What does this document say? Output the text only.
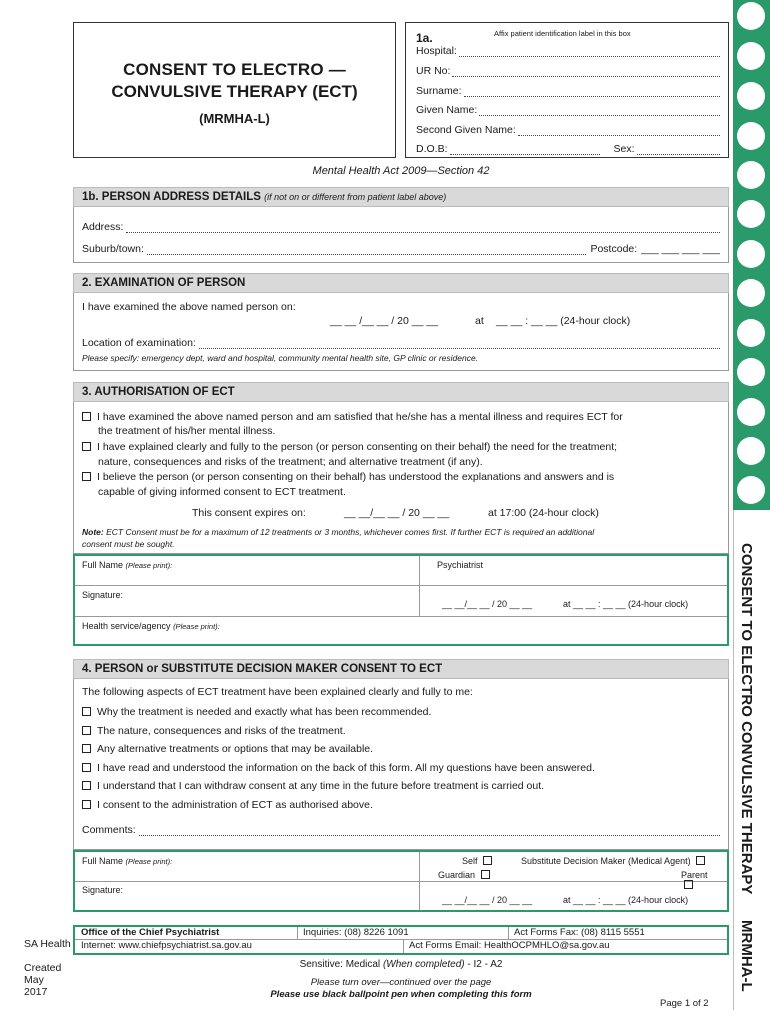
CONSENT TO ELECTRO CONVULSIVE THERAPY
MRMHA-L
CONSENT TO ELECTRO —
CONVULSIVE THERAPY (ECT)
(MRMHA-L)
1a.	Affix patient identification label in this box
Hospital:
UR No:
Surname:
Given Name:
Second Given Name:
D.O.B:	Sex:
Mental Health Act 2009—Section 42
1b. PERSON ADDRESS DETAILS (if not on or different from patient label above)
Address:
Suburb/town:	Postcode: ___ ___ ___ ___
2. EXAMINATION OF PERSON
I have examined the above named person on:
__ __ /__ __ / 20 __ __	at __ __ : __ __ (24-hour clock)
Location of examination:
Please specify: emergency dept, ward and hospital, community mental health site, GP clinic or residence.
3. AUTHORISATION OF ECT
I have examined the above named person and am satisfied that he/she has a mental illness and requires ECT for
the treatment of his/her mental illness.
I have explained clearly and fully to the person (or person consenting on their behalf) the need for the treatment;
nature, consequences and risks of the treatment; and alternative treatment (if any).
I believe the person (or person consenting on their behalf) has understood the explanations and answers and is
capable of giving informed consent to ECT treatment.
This consent expires on:	__ __/__ __ / 20 __ __	at 17:00 (24-hour clock)
Note: ECT Consent must be for a maximum of 12 treatments or 3 months, whichever comes first. If further ECT is required an additional
consent must be sought.
Full Name (Please print):	Psychiatrist
Signature:
__ __/__ __ / 20 __ __	at __ __ : __ __ (24-hour clock)
Health service/agency (Please print):
4. PERSON or SUBSTITUTE DECISION MAKER CONSENT TO ECT
The following aspects of ECT treatment have been explained clearly and fully to me:
Why the treatment is needed and exactly what has been recommended.
The nature, consequences and risks of the treatment.
Any alternative treatments or options that may be available.
I have read and understood the information on the back of this form. All my questions have been answered.
I understand that I can withdraw consent at any time in the future before treatment is carried out.
I consent to the administration of ECT as authorised above.
Comments:
Full Name (Please print):	Self
Guardian
Substitute Decision Maker (Medical Agent)
Parent
Signature:
__ __/__ __ / 20 __ __	at __ __ : __ __ (24-hour clock)
Office of the Chief Psychiatrist	Inquiries: (08) 8226 1091	Act Forms Fax: (08) 8115 5551
Internet: www.chiefpsychiatrist.sa.gov.au	Act Forms Email: HealthOCPMHLO@sa.gov.au
SA Health
Created
May
2017
Sensitive: Medical (When completed) - I2 - A2
Please turn over—continued over the page
Please use black ballpoint pen when completing this form
Page 1 of 2
